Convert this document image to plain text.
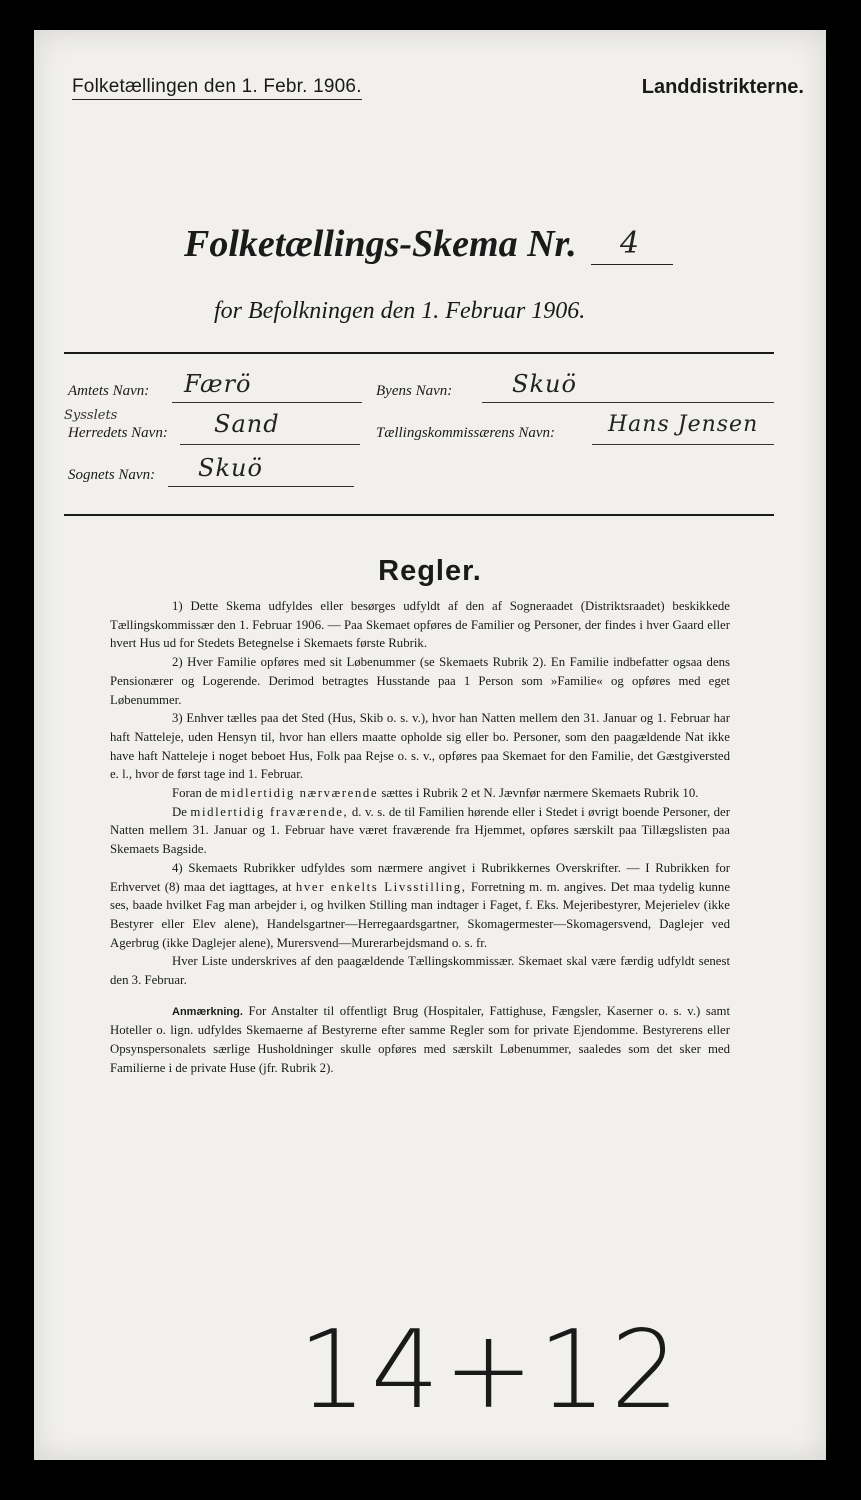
Folketællingen den 1. Febr. 1906.	Landdistrikterne.
Folketællings-Skema Nr. 4
for Befolkningen den 1. Februar 1906.
Amtets Navn: Færö	Byens Navn: Skuö
Sysslets
Herredets Navn: Sand	Tællingskommissærens Navn: Hans Jensen
Sognets Navn: Skuö
Regler.

1) Dette Skema udfyldes eller besørges udfyldt af den af Sogneraadet (Distriktsraadet) beskikkede Tællingskommissær den 1. Februar 1906. — Paa Skemaet opføres de Familier og Personer, der findes i hver Gaard eller hvert Hus ud for Stedets Betegnelse i Skemaets første Rubrik.

2) Hver Familie opføres med sit Løbenummer (se Skemaets Rubrik 2). En Familie indbefatter ogsaa dens Pensionærer og Logerende. Derimod betragtes Husstande paa 1 Person som »Familie« og opføres med eget Løbenummer.

3) Enhver tælles paa det Sted (Hus, Skib o. s. v.), hvor han Natten mellem den 31. Januar og 1. Februar har haft Natteleje, uden Hensyn til, hvor han ellers maatte opholde sig eller bo. Personer, som den paagældende Nat ikke have haft Natteleje i noget beboet Hus, Folk paa Rejse o. s. v., opføres paa Skemaet for den Familie, det Gæstgiversted e. l., hvor de først tage ind 1. Februar.

Foran de midlertidig nærværende sættes i Rubrik 2 et N. Jævnfør nærmere Skemaets Rubrik 10.

De midlertidig fraværende, d. v. s. de til Familien hørende eller i Stedet i øvrigt boende Personer, der Natten mellem 31. Januar og 1. Februar have været fraværende fra Hjemmet, opføres særskilt paa Tillægslisten paa Skemaets Bagside.

4) Skemaets Rubrikker udfyldes som nærmere angivet i Rubrikkernes Overskrifter. — I Rubrikken for Erhvervet (8) maa det iagttages, at hver enkelts Livsstilling, Forretning m. m. angives. Det maa tydelig kunne ses, baade hvilket Fag man arbejder i, og hvilken Stilling man indtager i Faget, f. Eks. Mejeribestyrer, Mejerielev (ikke Bestyrer eller Elev alene), Handelsgartner—Herregaardsgartner, Skomagermester—Skomagersvend, Daglejer ved Agerbrug (ikke Daglejer alene), Murersvend—Murerarbejdsmand o. s. fr.

Hver Liste underskrives af den paagældende Tællingskommissær. Skemaet skal være færdig udfyldt senest den 3. Februar.

Anmærkning. For Anstalter til offentligt Brug (Hospitaler, Fattighuse, Fængsler, Kaserner o. s. v.) samt Hoteller o. lign. udfyldes Skemaerne af Bestyrerne efter samme Regler som for private Ejendomme. Bestyrerens eller Opsynspersonalets særlige Husholdninger skulle opføres med særskilt Løbenummer, saaledes som det sker med Familierne i de private Huse (jfr. Rubrik 2).

14+12
